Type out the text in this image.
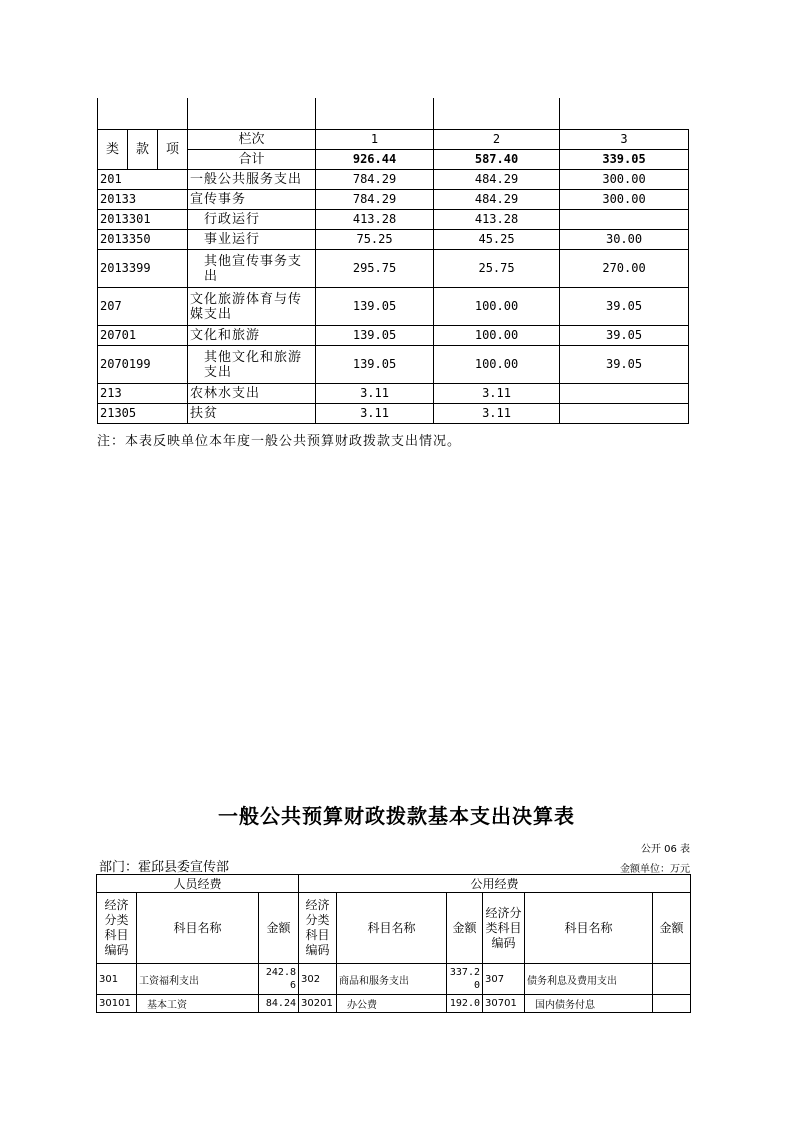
类	款	项	栏次	1	2	3
			合计	926.44	587.40	339.05
201			一般公共服务支出	784.29	484.29	300.00
20133			宣传事务	784.29	484.29	300.00
2013301			行政运行	413.28	413.28	
2013350			事业运行	75.25	45.25	30.00
2013399			其他宣传事务支出	295.75	25.75	270.00
207			文化旅游体育与传媒支出	139.05	100.00	39.05
20701			文化和旅游	139.05	100.00	39.05
2070199			其他文化和旅游支出	139.05	100.00	39.05
213			农林水支出	3.11	3.11	
21305			扶贫	3.11	3.11	
注：本表反映单位本年度一般公共预算财政拨款支出情况。
一般公共预算财政拨款基本支出决算表
公开 06 表
部门：霍邱县委宣传部	金额单位：万元
人员经费			公用经费					
经济分类科目编码	科目名称	金额	经济分类科目编码	科目名称	金额	经济分类科目编码	科目名称	金额
301	工资福利支出	242.86	302	商品和服务支出	337.20	307	债务利息及费用支出	
30101	基本工资	84.24	30201	办公费	192.0	30701	国内债务付息	
